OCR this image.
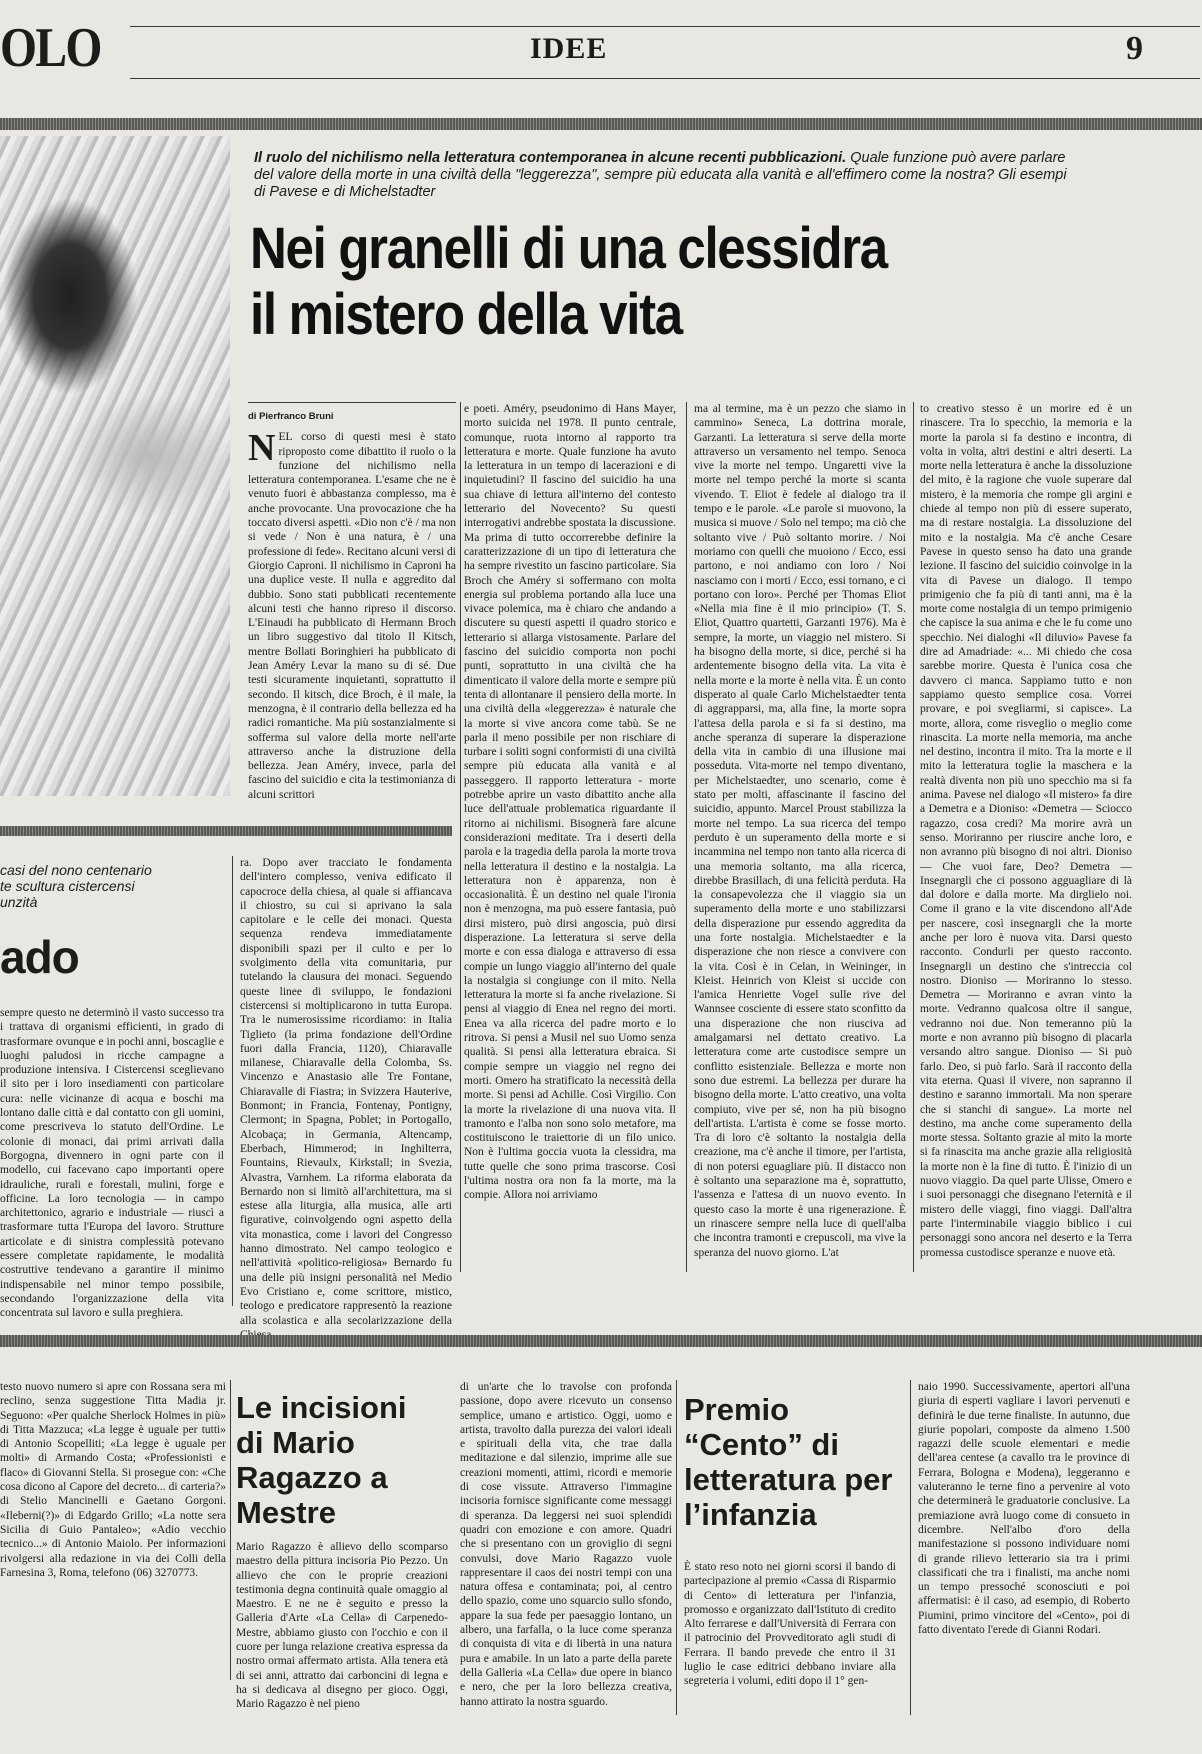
OLO	IDEE	9
Il ruolo del nichilismo nella letteratura contemporanea in alcune recenti pubblicazioni. Quale funzione può avere parlare del valore della morte in una civiltà della "leggerezza", sempre più educata alla vanità e all'effimero come la nostra? Gli esempi di Pavese e di Michelstadter
Nei granelli di una clessidra
il mistero della vita
di Pierfranco Bruni
N EL corso di questi mesi è stato riproposto come dibattito il ruolo o la funzione del nichilismo nella letteratura contemporanea. L'esame che ne è venuto fuori è abbastanza complesso, ma è anche provocante. Una provocazione che ha toccato diversi aspetti. «Dio non c'è / ma non si vede / Non è una natura, è / una professione di fede». Recitano alcuni versi di Giorgio Caproni. Il nichilismo in Caproni ha una duplice veste. Il nulla e aggredito dal dubbio. Sono stati pubblicati recentemente alcuni testi che hanno ripreso il discorso. L'Einaudi ha pubblicato di Hermann Broch un libro suggestivo dal titolo Il Kitsch, mentre Bollati Boringhieri ha pubblicato di Jean Améry Levar la mano su di sé. Due testi sicuramente inquietanti, soprattutto il secondo. Il kitsch, dice Broch, è il male, la menzogna, è il contrario della bellezza ed ha radici romantiche. Ma più sostanzialmente si sofferma sul valore della morte nell'arte attraverso anche la distruzione della bellezza. Jean Améry, invece, parla del fascino del suicidio e cita la testimonianza di alcuni scrittori

e poeti. Améry, pseudonimo di Hans Mayer, morto suicida nel 1978. Il punto centrale, comunque, ruota intorno al rapporto tra letteratura e morte. Quale funzione ha avuto la letteratura in un tempo di lacerazioni e di inquietudini? Il fascino del suicidio ha una sua chiave di lettura all'interno del contesto letterario del Novecento? Su questi interrogativi andrebbe spostata la discussione. Ma prima di tutto occorrerebbe definire la caratterizzazione di un tipo di letteratura che ha sempre rivestito un fascino particolare. Sia Broch che Améry si soffermano con molta energia sul problema portando alla luce una vivace polemica, ma è chiaro che andando a discutere su questi aspetti il quadro storico e letterario si allarga vistosamente. Parlare del fascino del suicidio comporta non pochi punti, soprattutto in una civiltà che ha dimenticato il valore della morte e sempre più tenta di allontanare il pensiero della morte. In una civiltà della «leggerezza» è naturale che la morte si vive ancora come tabù. Se ne parla il meno possibile per non rischiare di turbare i soliti sogni conformisti di una civiltà sempre più educata alla vanità e al passeggero. Il rapporto letteratura - morte potrebbe aprire un vasto dibattito anche alla luce dell'attuale problematica riguardante il ritorno ai nichilismi. Bisognerà fare alcune considerazioni meditate. Tra i deserti della parola e la tragedia della parola la morte trova nella letteratura il destino e la nostalgia. La letteratura non è apparenza, non è occasionalità. È un destino nel quale l'ironia non è menzogna, ma può essere fantasia, può dirsi mistero, può dirsi angoscia, può dirsi disperazione. La letteratura si serve della morte e con essa dialoga e attraverso di essa compie un lungo viaggio all'interno del quale la nostalgia si congiunge con il mito. Nella letteratura la morte si fa anche rivelazione. Si pensi al viaggio di Enea nel regno dei morti. Enea va alla ricerca del padre morto e lo ritrova. Si pensi a Musil nel suo Uomo senza qualità. Si pensi alla letteratura ebraica. Si compie sempre un viaggio nel regno dei morti. Omero ha stratificato la necessità della morte. Si pensi ad Achille. Così Virgilio. Con la morte la rivelazione di una nuova vita. Il tramonto e l'alba non sono solo metafore, ma costituiscono le traiettorie di un filo unico. Non è l'ultima goccia vuota la clessidra, ma tutte quelle che sono prima trascorse. Così l'ultima nostra ora non fa la morte, ma la compie. Allora noi arriviamo

ma al termine, ma è un pezzo che siamo in cammino» Seneca, La dottrina morale, Garzanti. La letteratura si serve della morte attraverso un versamento nel tempo. Senoca vive la morte nel tempo. Ungaretti vive la morte nel tempo perché la morte si scanta vivendo. T. Eliot è fedele al dialogo tra il tempo e le parole. «Le parole si muovono, la musica si muove / Solo nel tempo; ma ciò che soltanto vive / Può soltanto morire. / Noi moriamo con quelli che muoiono / Ecco, essi partono, e noi andiamo con loro / Noi nasciamo con i morti / Ecco, essi tornano, e ci portano con loro». Perché per Thomas Eliot «Nella mia fine è il mio principio» (T. S. Eliot, Quattro quartetti, Garzanti 1976). Ma è sempre, la morte, un viaggio nel mistero. Si ha bisogno della morte, si dice, perché si ha ardentemente bisogno della vita. La vita è nella morte e la morte è nella vita. È un conto disperato al quale Carlo Michelstaedter tenta di aggrapparsi, ma, alla fine, la morte sopra l'attesa della parola e si fa si destino, ma anche speranza di superare la disperazione della vita in cambio di una illusione mai posseduta. Vita-morte nel tempo diventano, per Michelstaedter, uno scenario, come è stato per molti, affascinante il fascino del suicidio, appunto. Marcel Proust stabilizza la morte nel tempo. La sua ricerca del tempo perduto è un superamento della morte e si incammina nel tempo non tanto alla ricerca di una memoria soltanto, ma alla ricerca, direbbe Brasillach, di una felicità perduta. Ha la consapevolezza che il viaggio sia un superamento della morte e uno stabilizzarsi della disperazione pur essendo aggredita da una forte nostalgia. Michelstaedter e la disperazione che non riesce a convivere con la vita. Così è in Celan, in Weininger, in Kleist. Heinrich von Kleist si uccide con l'amica Henriette Vogel sulle rive del Wannsee cosciente di essere stato sconfitto da una disperazione che non riusciva ad amalgamarsi nel dettato creativo. La letteratura come arte custodisce sempre un conflitto esistenziale. Bellezza e morte non sono due estremi. La bellezza per durare ha bisogno della morte. L'atto creativo, una volta compiuto, vive per sé, non ha più bisogno dell'artista. L'artista è come se fosse morto. Tra di loro c'è soltanto la nostalgia della creazione, ma c'è anche il timore, per l'artista, di non potersi eguagliare più. Il distacco non è soltanto una separazione ma è, soprattutto, l'assenza e l'attesa di un nuovo evento. In questo caso la morte è una rigenerazione. È un rinascere sempre nella luce di quell'alba che incontra tramonti e crepuscoli, ma vive la speranza del nuovo giorno. L'at

to creativo stesso è un morire ed è un rinascere. Tra lo specchio, la memoria e la morte la parola si fa destino e incontra, di volta in volta, altri destini e altri deserti. La morte nella letteratura è anche la dissoluzione del mito, è la ragione che vuole superare dal mistero, è la memoria che rompe gli argini e chiede al tempo non più di essere superato, ma di restare nostalgia. La dissoluzione del mito e la nostalgia. Ma c'è anche Cesare Pavese in questo senso ha dato una grande lezione. Il fascino del suicidio coinvolge in la vita di Pavese un dialogo. Il tempo primigenio che fa più di tanti anni, ma è la morte come nostalgia di un tempo primigenio che capisce la sua anima e che le fu come uno specchio. Nei dialoghi «Il diluvio» Pavese fa dire ad Amadriade: «... Mi chiedo che cosa sarebbe morire. Questa è l'unica cosa che davvero ci manca. Sappiamo tutto e non sappiamo questo semplice cosa. Vorrei provare, e poi svegliarmi, si capisce». La morte, allora, come risveglio o meglio come rinascita. La morte nella memoria, ma anche nel destino, incontra il mito. Tra la morte e il mito la letteratura toglie la maschera e la realtà diventa non più uno specchio ma si fa anima. Pavese nel dialogo «Il mistero» fa dire a Demetra e a Dioniso: «Demetra — Sciocco ragazzo, cosa credi? Ma morire avrà un senso. Moriranno per riuscire anche loro, e non avranno più bisogno di noi altri. Dioniso — Che vuoi fare, Deo? Demetra — Insegnargli che ci possono agguagliare di là dal dolore e dalla morte. Ma dirglielo noi. Come il grano e la vite discendono all'Ade per nascere, così insegnargli che la morte anche per loro è nuova vita. Darsi questo racconto. Condurli per questo racconto. Insegnargli un destino che s'intreccia col nostro. Dioniso — Moriranno lo stesso. Demetra — Moriranno e avran vinto la morte. Vedranno qualcosa oltre il sangue, vedranno noi due. Non temeranno più la morte e non avranno più bisogno di placarla versando altro sangue. Dioniso — Si può farlo. Deo, si può farlo. Sarà il racconto della vita eterna. Quasi il vivere, non sapranno il destino e saranno immortali. Ma non sperare che si stanchi di sangue». La morte nel destino, ma anche come superamento della morte stessa. Soltanto grazie al mito la morte si fa rinascita ma anche grazie alla religiosità la morte non è la fine di tutto. È l'inizio di un nuovo viaggio. Da quel parte Ulisse, Omero e i suoi personaggi che disegnano l'eternità e il mistero delle viaggi, fino viaggi. Dall'altra parte l'interminabile viaggio biblico i cui personaggi sono ancora nel deserto e la Terra promessa custodisce speranze e nuove età.

casi del nono centenario
te scultura cistercensi
unzità
ado

sempre questo ne determinò il vasto successo tra i trattava di organismi efficienti, in grado di trasformare ovunque e in pochi anni, boscaglie e luoghi paludosi in ricche campagne a produzione intensiva. I Cistercensi sceglievano il sito per i loro insediamenti con particolare cura: nelle vicinanze di acqua e boschi ma lontano dalle città e dal contatto con gli uomini, come prescriveva lo statuto dell'Ordine. Le colonie di monaci, dai primi arrivati dalla Borgogna, divennero in ogni parte con il modello, cui facevano capo importanti opere idrauliche, rurali e forestali, mulini, forge e officine. La loro tecnologia — in campo architettonico, agrario e industriale — riuscì a trasformare tutta l'Europa del lavoro. Strutture articolate e di sinistra complessità potevano essere completate rapidamente, le modalità costruttive tendevano a garantire il minimo indispensabile nel minor tempo possibile, secondando l'organizzazione della vita concentrata sul lavoro e sulla preghiera.

ra. Dopo aver tracciato le fondamenta dell'intero complesso, veniva edificato il capocroce della chiesa, al quale si affiancava il chiostro, su cui si aprivano la sala capitolare e le celle dei monaci. Questa sequenza rendeva immediatamente disponibili spazi per il culto e per lo svolgimento della vita comunitaria, pur tutelando la clausura dei monaci. Seguendo queste linee di sviluppo, le fondazioni cistercensi si moltiplicarono in tutta Europa. Tra le numerosissime ricordiamo: in Italia Tiglieto (la prima fondazione dell'Ordine fuori dalla Francia, 1120), Chiaravalle milanese, Chiaravalle della Colomba, Ss. Vincenzo e Anastasio alle Tre Fontane, Chiaravalle di Fiastra; in Svizzera Hauterive, Bonmont; in Francia, Fontenay, Pontigny, Clermont; in Spagna, Poblet; in Portogallo, Alcobaça; in Germania, Altencamp, Eberbach, Himmerod; in Inghilterra, Fountains, Rievaulx, Kirkstall; in Svezia, Alvastra, Varnhem. La riforma elaborata da Bernardo non si limitò all'architettura, ma si estese alla liturgia, alla musica, alle arti figurative, coinvolgendo ogni aspetto della vita monastica, come i lavori del Congresso hanno dimostrato. Nel campo teologico e nell'attività «politico-religiosa» Bernardo fu una delle più insigni personalità nel Medio Evo Cristiano e, come scrittore, mistico, teologo e predicatore rappresentò la reazione alla scolastica e alla secolarizzazione della

testo nuovo numero si apre con Rossana sera mi reclino, senza suggestione Titta Madia jr. Seguono: «Per qualche Sherlock Holmes in più» di Titta Mazzuca; «La legge è uguale per tutti» di Antonio Scopelliti; «La legge è uguale per molti» di Armando Costa; «Professionisti e flaco» di Giovanni Stella. Si prosegue con: «Che cosa dicono al Capore del decreto... di carteria?» di Stelio Mancinelli e Gaetano Gorgoni. «Ileberni(?)» di Edgardo Grillo; «La notte sera Sicilia di Guio Pantaleo»; «Adio vecchio tecnico...» di Antonio Maiolo. Per informazioni rivolgersi alla redazione in via dei Colli della Farnesina 3, Roma, telefono (06) 3270773.

Le incisioni di Mario Ragazzo a Mestre

Mario Ragazzo è allievo dello scomparso maestro della pittura incisoria Pio Pezzo. Un allievo che con le proprie creazioni testimonia degna continuità quale omaggio al Maestro. E ne ne è seguito e presso la Galleria d'Arte «La Cella» di Carpenedo-Mestre, abbiamo giusto con l'occhio e con il cuore per lunga relazione creativa espressa da nostro ormai affermato artista. Alla tenera età di sei anni, attratto dai carboncini di legna e ha si dedicava al disegno per gioco. Oggi, Mario Ragazzo è nel pieno

di un'arte che lo travolse con profonda passione, dopo avere ricevuto un consenso semplice, umano e artistico. Oggi, uomo e artista, travolto dalla purezza dei valori ideali e spirituali della vita, che trae dalla meditazione e dal silenzio, imprime alle sue creazioni momenti, attimi, ricordi e memorie di cose vissute. Attraverso l'immagine incisoria fornisce significante come messaggi di speranza. Da leggersi nei suoi splendidi quadri con emozione e con amore. Quadri che si presentano con un groviglio di segni convulsi, dove Mario Ragazzo vuole rappresentare il caos dei nostri tempi con una natura offesa e contaminata; poi, al centro dello spazio, come uno squarcio sullo sfondo, appare la sua fede per paesaggio lontano, un albero, una farfalla, o la luce come speranza di conquista di vita e di libertà in una natura pura e amabile. In un lato a parte della parete della Galleria «La Cella» due opere in bianco e nero, che per la loro bellezza creativa, hanno attirato la nostra sguardo.

Premio “Cento” di letteratura per l’infanzia

È stato reso noto nei giorni scorsi il bando di partecipazione al premio «Cassa di Risparmio di Cento» di letteratura per l'infanzia, promosso e organizzato dall'Istituto di credito Alto ferrarese e dall'Università di Ferrara con il patrocinio del Provveditorato agli studi di Ferrara. Il bando prevede che entro il 31 luglio le case editrici debbano inviare alla segreteria i volumi, editi dopo il 1° gen-

naio 1990. Successivamente, apertori all'una giuria di esperti vagliare i lavori pervenuti e definirà le due terne finaliste. In autunno, due giurie popolari, composte da almeno 1.500 ragazzi delle scuole elementari e medie dell'area centese (a cavallo tra le province di Ferrara, Bologna e Modena), leggeranno e valuteranno le terne fino a pervenire al voto che determinerà le graduatorie conclusive. La premiazione avrà luogo come di consueto in dicembre. Nell'albo d'oro della manifestazione si possono individuare nomi di grande rilievo letterario sia tra i primi classificati che tra i finalisti, ma anche nomi un tempo pressoché sconosciuti e poi affermatisi: è il caso, ad esempio, di Roberto Piumini, primo vincitore del «Cento», poi di fatto diventato l'erede di Gianni Rodari.
